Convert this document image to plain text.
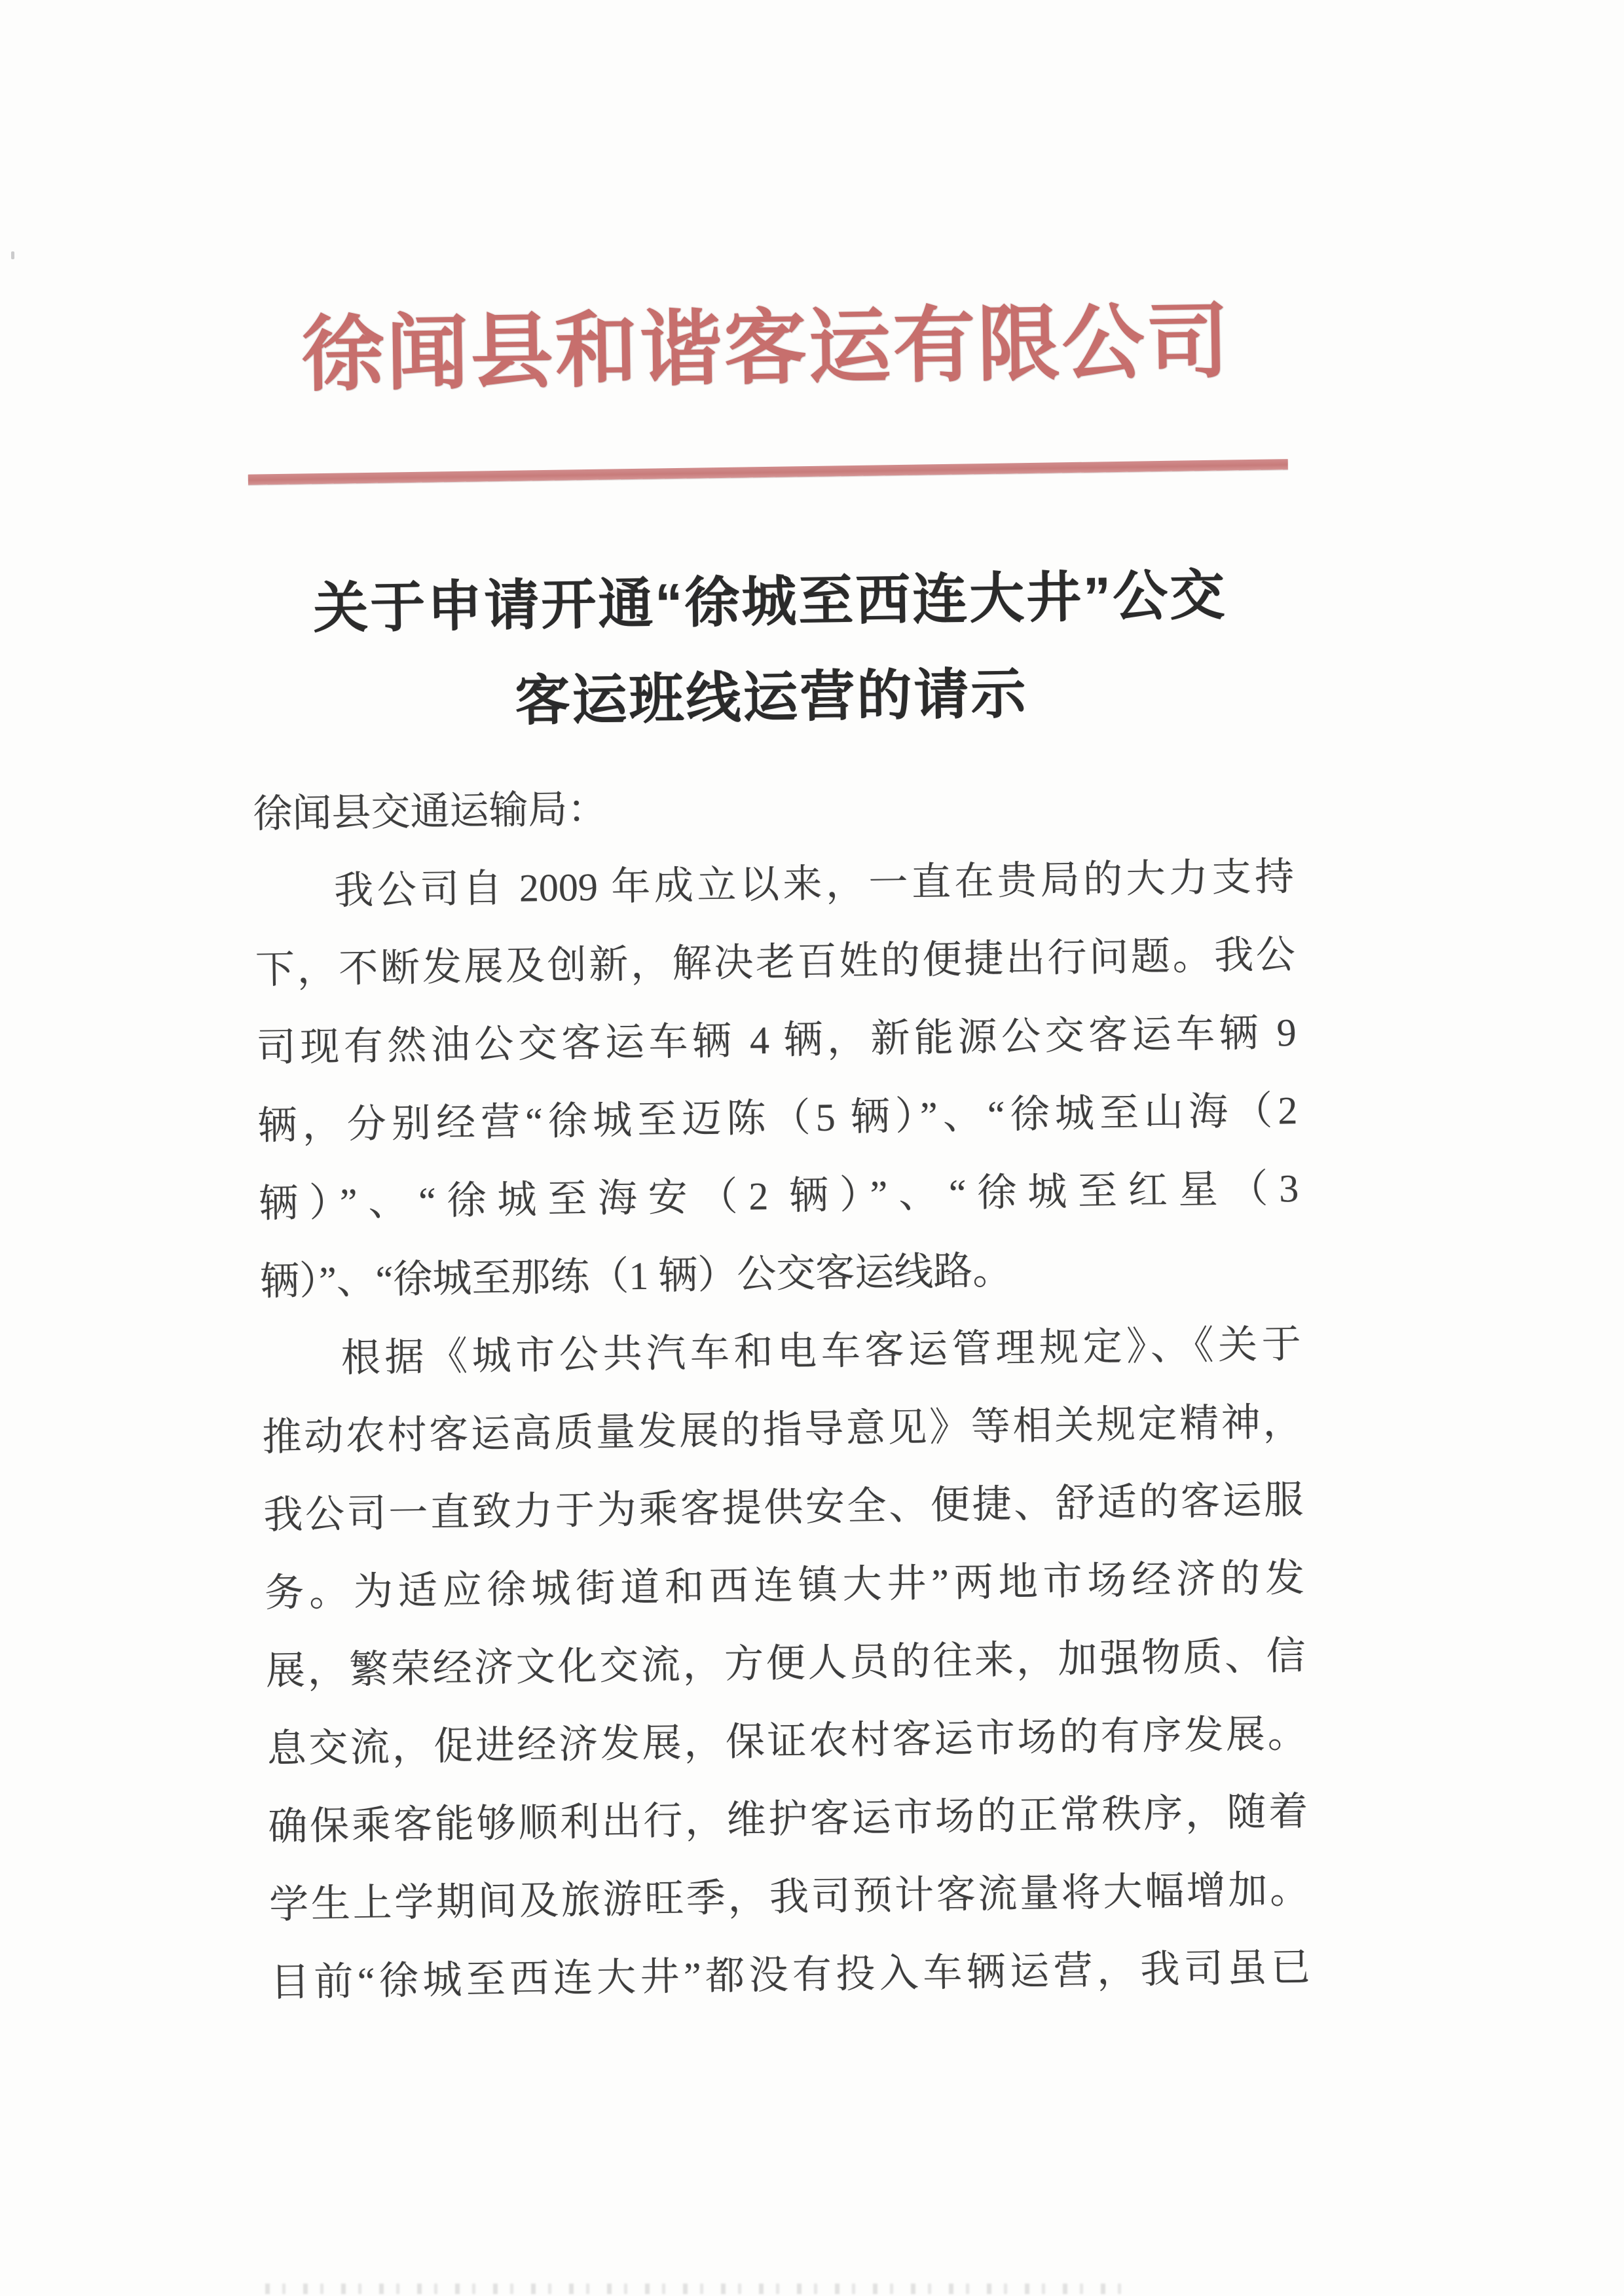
徐闻县和谐客运有限公司
关于申请开通“徐城至西连大井”公交
客运班线运营的请示
徐闻县交通运输局：
我公司自 2009 年成立以来，一直在贵局的大力支持
下，不断发展及创新，解决老百姓的便捷出行问题。我公
司现有然油公交客运车辆 4 辆，新能源公交客运车辆 9
辆，分别经营“徐城至迈陈（5 辆）”、“徐城至山海（2
辆）”、“徐城至海安（2 辆）”、“徐城至红星（3
辆）”、“徐城至那练（1 辆）公交客运线路。
根据《城市公共汽车和电车客运管理规定》、《关于
推动农村客运高质量发展的指导意见》等相关规定精神，
我公司一直致力于为乘客提供安全、便捷、舒适的客运服
务。为适应徐城街道和西连镇大井”两地市场经济的发
展，繁荣经济文化交流，方便人员的往来，加强物质、信
息交流，促进经济发展，保证农村客运市场的有序发展。
确保乘客能够顺利出行，维护客运市场的正常秩序，随着
学生上学期间及旅游旺季，我司预计客流量将大幅增加。
目前“徐城至西连大井”都没有投入车辆运营，我司虽已
